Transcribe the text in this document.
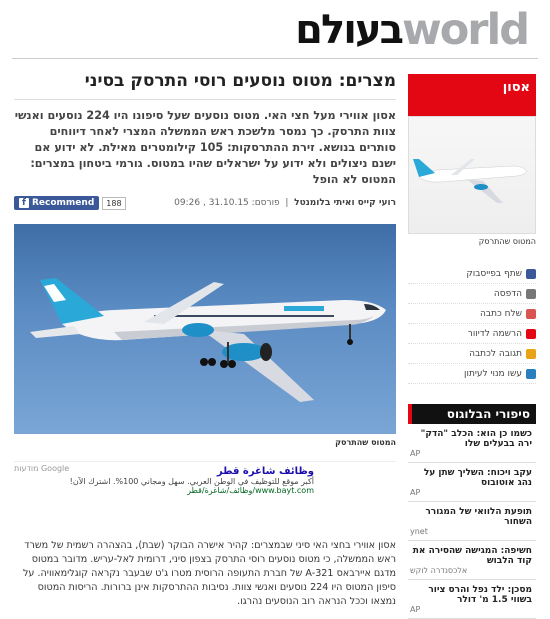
בעולם world
מצרים: מטוס נוסעים רוסי התרסק בסיני
אסון אווירי מעל חצי האי. מטוס נוסעים שעל סיפונו היו 224 נוסעים ואנשי צוות התרסק. כך נמסר מלשכת ראש הממשלה המצרי לאחר דיווחים סותרים בנושא. זירת ההתרסקות: 105 קילומטרים מאילת. לא ידוע אם ישנם ניצולים ולא ידוע על ישראלים שהיו במטוס. גורמי ביטחון במצרים: המטוס לא הופל
רועי קייס ואיתי בלומנטל  |  פורסם: 31.10.15 , 09:26
f Recommend	188
המטוס שהתרסק
מודעות Google	وظائف شاغرة قطر
أكبر موقع للتوظيف في الوطن العربي. سهل ومجاني 100%. اشترك الآن!
www.bayt.com/وظائف/شاغرة/قطر
אסון אווירי בחצי האי סיני שבמצרים: קהיר אישרה הבוקר (שבת), בהצהרה רשמית של משרד ראש הממשלה, כי מטוס נוסעים רוסי התרסק בצפון סיני, דרומית לאל-עריש. מדובר במטוס מדגם איירבאס A-321 של חברת התעופה הרוסית מטרו ג'ט שבעבר נקראה קוגלימאוויה. על סיפון המטוס היו 224 נוסעים ואנשי צוות. נסיבות ההתרסקות אינן ברורות. הריסות המטוס נמצאו וככל הנראה רוב הנוסעים נהרגו.
אסון
המטוס שהתרסק
שתף בפייסבוק
הדפסה
שלח כתבה
הרשמה לדיוור
תגובה לכתבה
עשו מנוי לעיתון
סיפורי הבלוגוס
כשמו כן הוא: הכלב "הדק" ירה בבעלים שלו
AP
עקב ויכוח: השליך שתן על נהג אוטובוס
AP
תופעת הלוואי של המגורר השחור
ynet
חשיפה: המגישה שהסירה את קוד הלבוש
אלכסנדרה לוקש
מסכן: ילד נפל והרס ציור בשווי 1.5 מ' דולר
AP
